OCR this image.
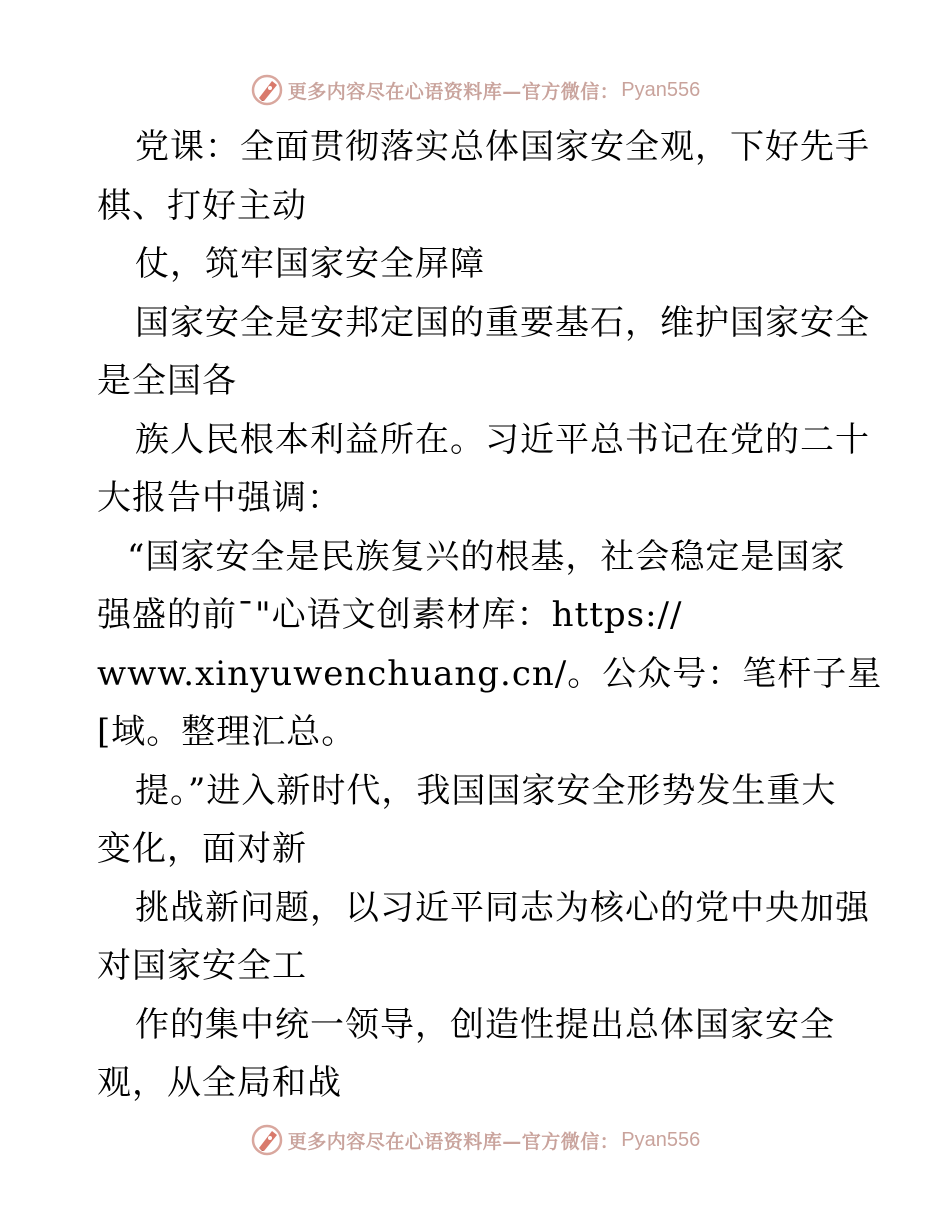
更多内容尽在心语资料库—官方微信： Pyan556
党课：全面贯彻落实总体国家安全观，下好先手
棋、打好主动
仗，筑牢国家安全屏障
国家安全是安邦定国的重要基石，维护国家安全
是全国各
族人民根本利益所在。习近平总书记在党的二十
大报告中强调：
“国家安全是民族复兴的根基，社会稳定是国家
强盛的前¯"心语文创素材库：https://
www.xinyuwenchuang.cn/。公众号：笔杆子星
[域。整理汇总。
提。”进入新时代，我国国家安全形势发生重大
变化，面对新
挑战新问题，以习近平同志为核心的党中央加强
对国家安全工
作的集中统一领导，创造性提出总体国家安全
观，从全局和战
更多内容尽在心语资料库—官方微信： Pyan556
